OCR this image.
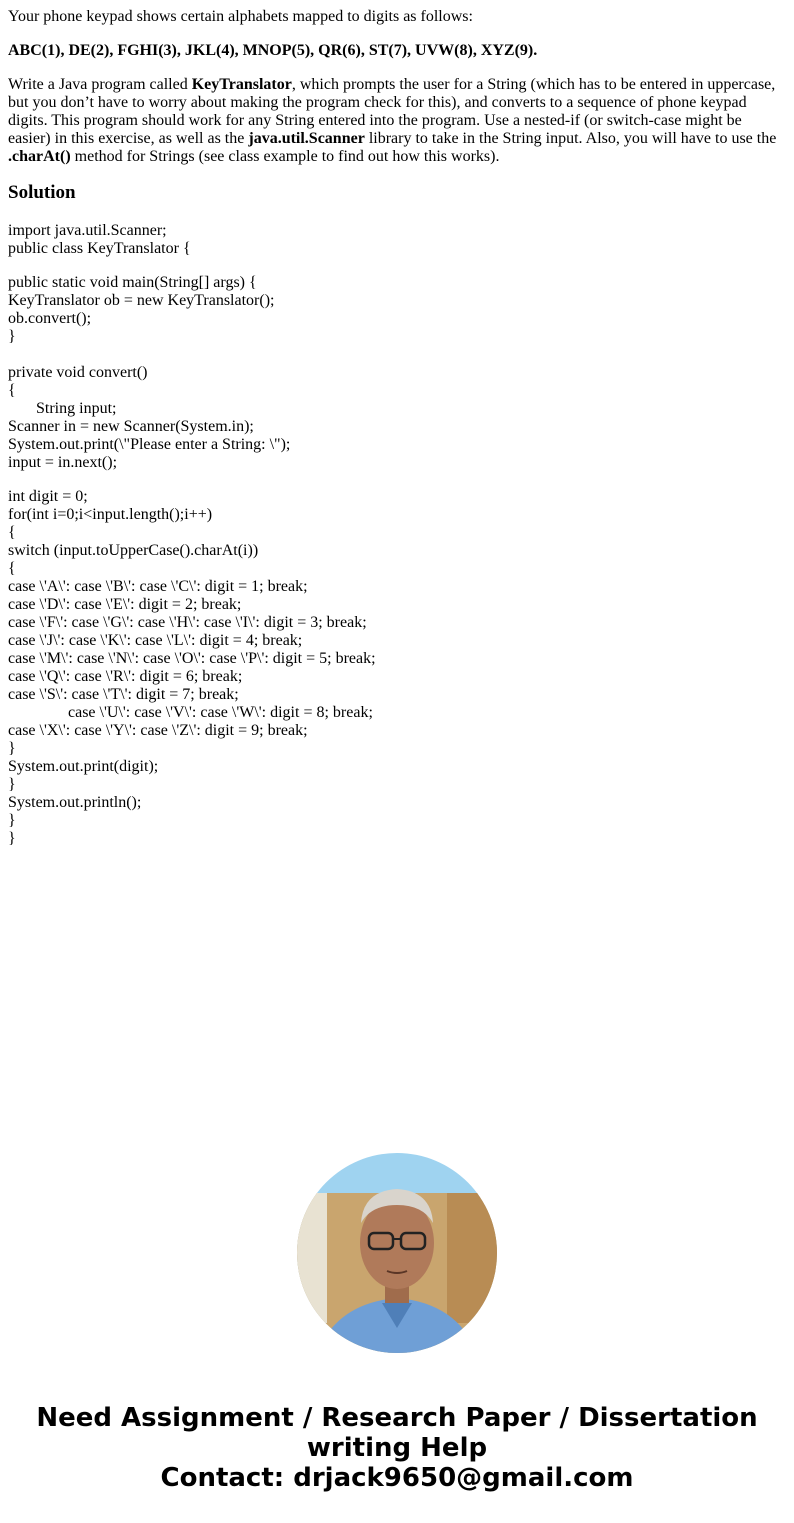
Your phone keypad shows certain alphabets mapped to digits as follows:

ABC(1), DE(2), FGHI(3), JKL(4), MNOP(5), QR(6), ST(7), UVW(8), XYZ(9).

Write a Java program called KeyTranslator, which prompts the user for a String (which has to be entered in uppercase, but you don’t have to worry about making the program check for this), and converts to a sequence of phone keypad digits. This program should work for any String entered into the program. Use a nested-if (or switch-case might be easier) in this exercise, as well as the java.util.Scanner library to take in the String input. Also, you will have to use the .charAt() method for Strings (see class example to find out how this works).

Solution
import java.util.Scanner;
public class KeyTranslator {
public static void main(String[] args) {
KeyTranslator ob = new KeyTranslator();
ob.convert();
}
private void convert()
{
String input;
Scanner in = new Scanner(System.in);
System.out.print(\"Please enter a String: \");
input = in.next();
int digit = 0;
for(int i=0;i<input.length();i++)
{
switch (input.toUpperCase().charAt(i))
{
case \'A\': case \'B\': case \'C\': digit = 1; break;
case \'D\': case \'E\': digit = 2; break;
case \'F\': case \'G\': case \'H\': case \'I\': digit = 3; break;
case \'J\': case \'K\': case \'L\': digit = 4; break;
case \'M\': case \'N\': case \'O\': case \'P\': digit = 5; break;
case \'Q\': case \'R\': digit = 6; break;
case \'S\': case \'T\': digit = 7; break;
case \'U\': case \'V\': case \'W\': digit = 8; break;
case \'X\': case \'Y\': case \'Z\': digit = 9; break;
}
System.out.print(digit);
}
System.out.println();
}
}
Need Assignment / Research Paper / Dissertation
writing Help
Contact: drjack9650@gmail.com
